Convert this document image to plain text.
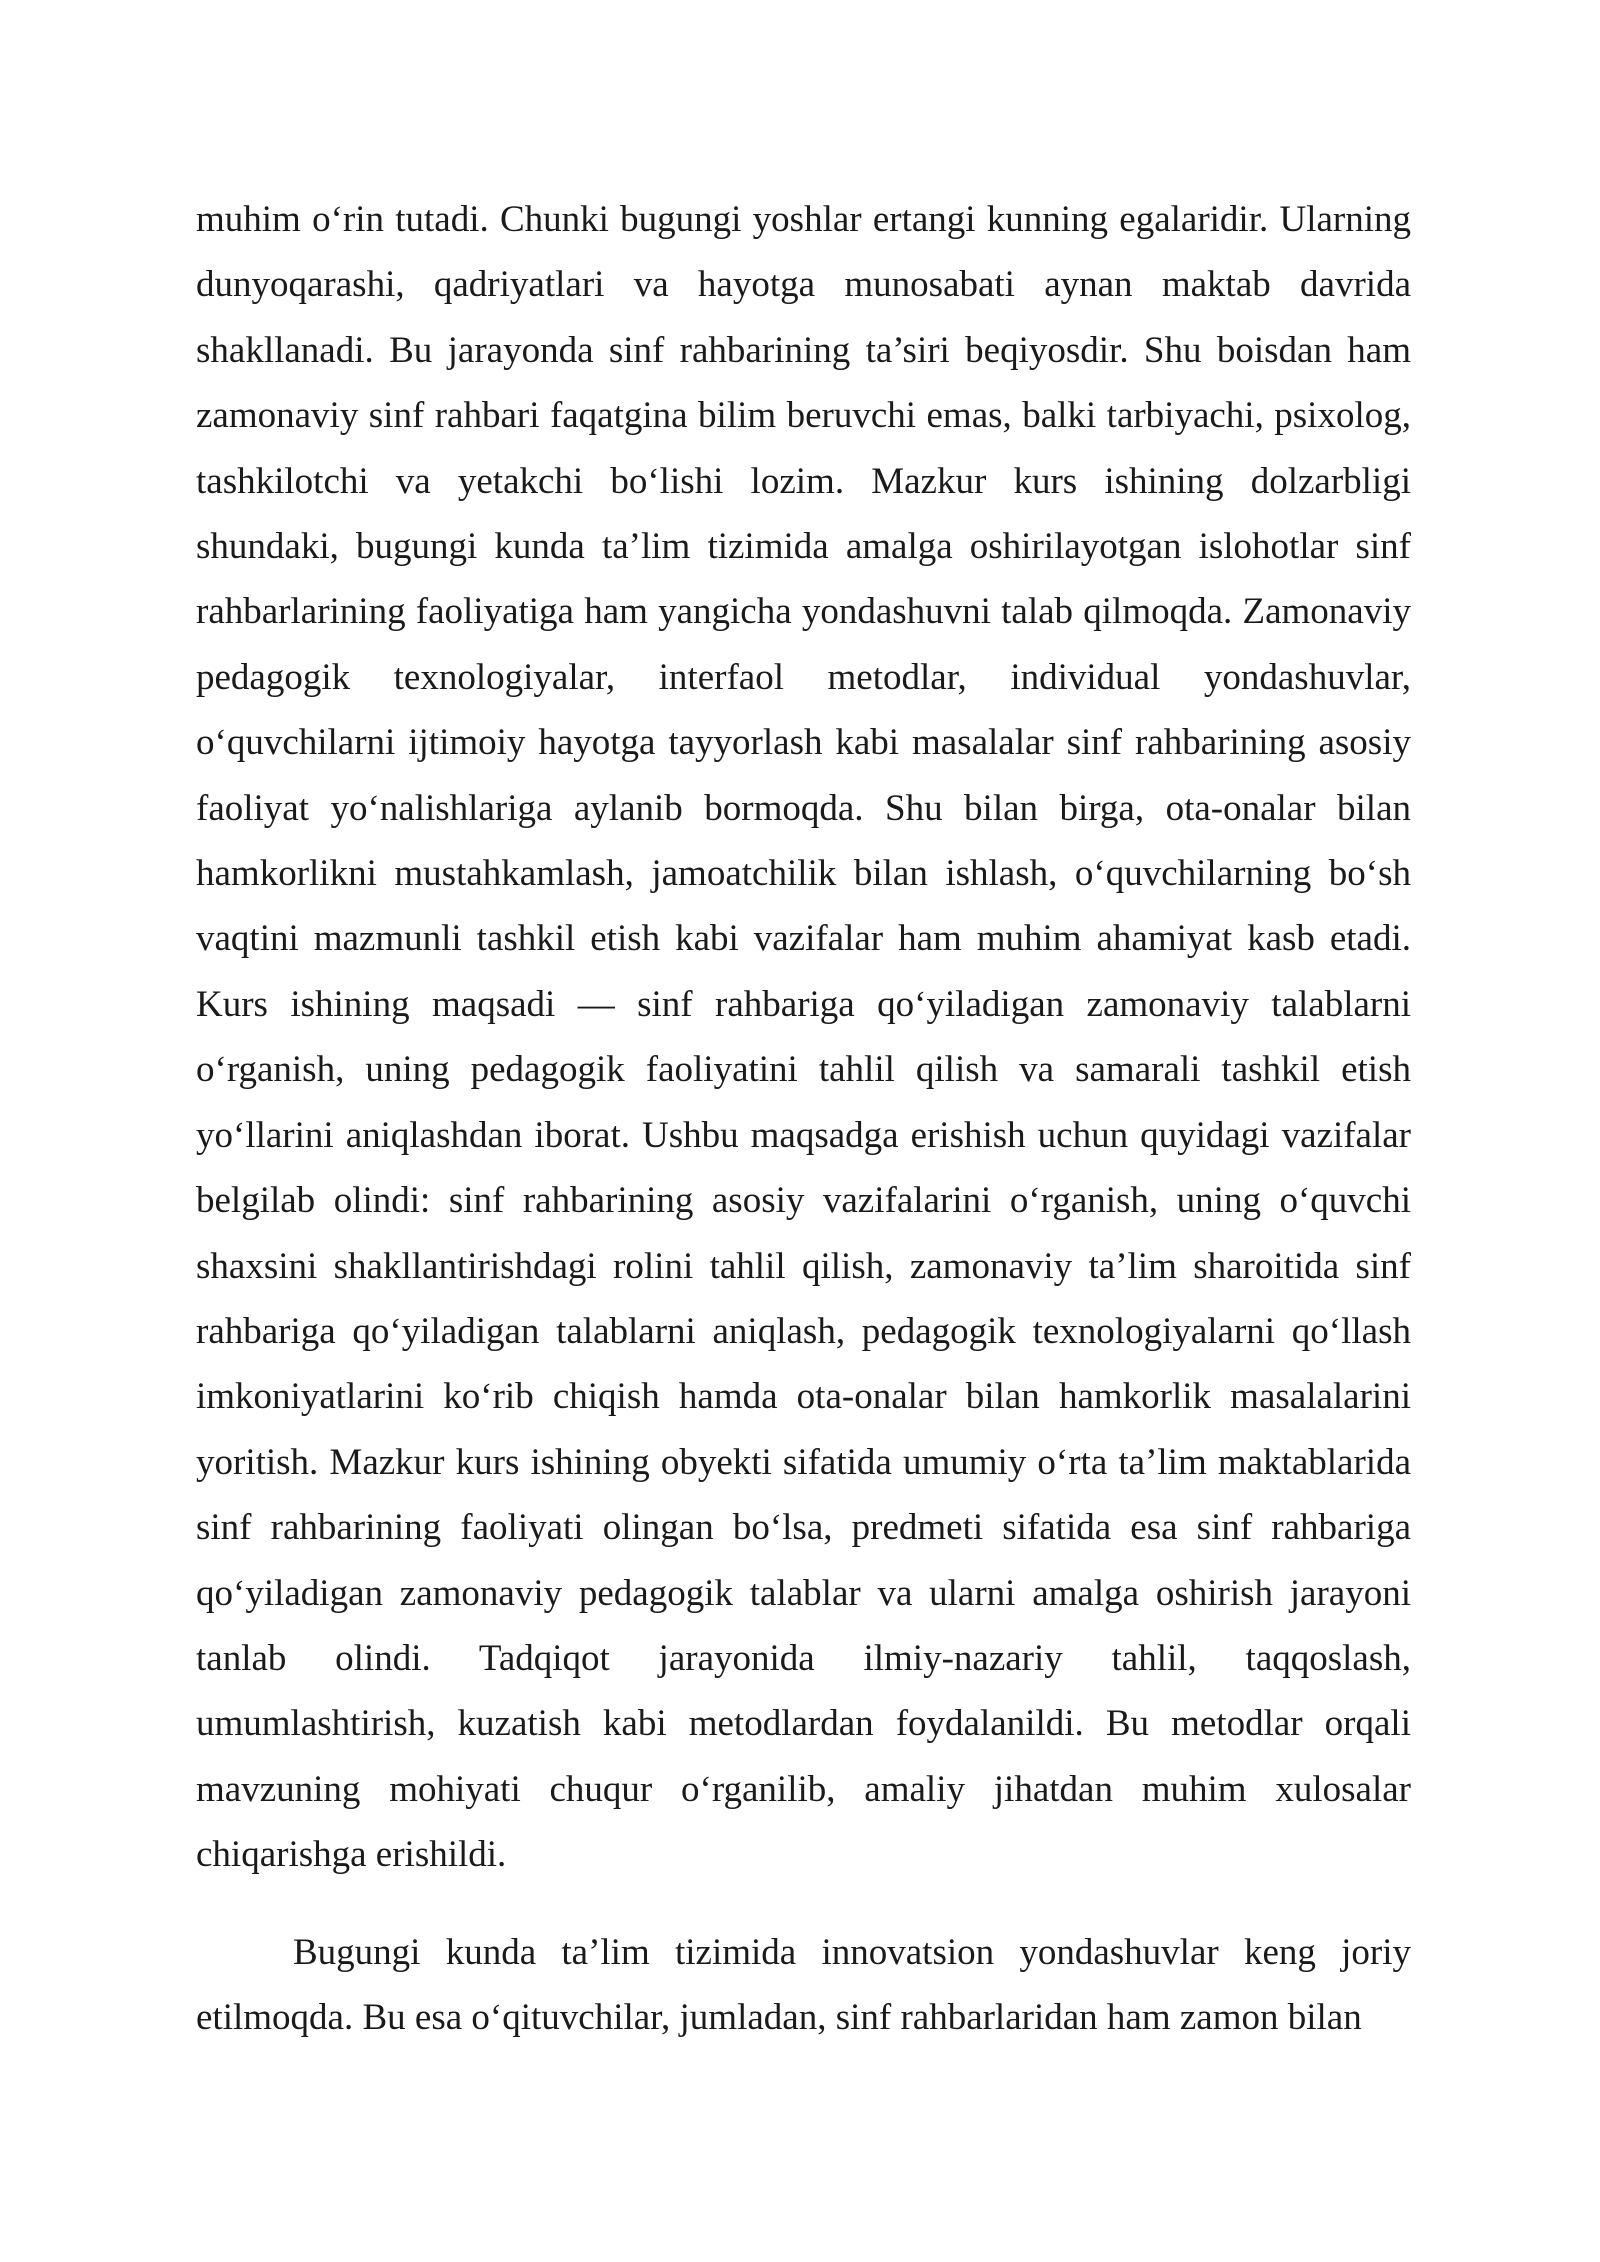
muhim o‘rin tutadi. Chunki bugungi yoshlar ertangi kunning egalaridir. Ularning dunyoqarashi, qadriyatlari va hayotga munosabati aynan maktab davrida shakllanadi. Bu jarayonda sinf rahbarining ta’siri beqiyosdir. Shu boisdan ham zamonaviy sinf rahbari faqatgina bilim beruvchi emas, balki tarbiyachi, psixolog, tashkilotchi va yetakchi bo‘lishi lozim. Mazkur kurs ishining dolzarbligi shundaki, bugungi kunda ta’lim tizimida amalga oshirilayotgan islohotlar sinf rahbarlarining faoliyatiga ham yangicha yondashuvni talab qilmoqda. Zamonaviy pedagogik texnologiyalar, interfaol metodlar, individual yondashuvlar, o‘quvchilarni ijtimoiy hayotga tayyorlash kabi masalalar sinf rahbarining asosiy faoliyat yo‘nalishlariga aylanib bormoqda. Shu bilan birga, ota-onalar bilan hamkorlikni mustahkamlash, jamoatchilik bilan ishlash, o‘quvchilarning bo‘sh vaqtini mazmunli tashkil etish kabi vazifalar ham muhim ahamiyat kasb etadi. Kurs ishining maqsadi — sinf rahbariga qo‘yiladigan zamonaviy talablarni o‘rganish, uning pedagogik faoliyatini tahlil qilish va samarali tashkil etish yo‘llarini aniqlashdan iborat. Ushbu maqsadga erishish uchun quyidagi vazifalar belgilab olindi: sinf rahbarining asosiy vazifalarini o‘rganish, uning o‘quvchi shaxsini shakllantirishdagi rolini tahlil qilish, zamonaviy ta’lim sharoitida sinf rahbariga qo‘yiladigan talablarni aniqlash, pedagogik texnologiyalarni qo‘llash imkoniyatlarini ko‘rib chiqish hamda ota-onalar bilan hamkorlik masalalarini yoritish. Mazkur kurs ishining obyekti sifatida umumiy o‘rta ta’lim maktablarida sinf rahbarining faoliyati olingan bo‘lsa, predmeti sifatida esa sinf rahbariga qo‘yiladigan zamonaviy pedagogik talablar va ularni amalga oshirish jarayoni tanlab olindi. Tadqiqot jarayonida ilmiy-nazariy tahlil, taqqoslash, umumlashtirish, kuzatish kabi metodlardan foydalanildi. Bu metodlar orqali mavzuning mohiyati chuqur o‘rganilib, amaliy jihatdan muhim xulosalar chiqarishga erishildi.

Bugungi kunda ta’lim tizimida innovatsion yondashuvlar keng joriy etilmoqda. Bu esa o‘qituvchilar, jumladan, sinf rahbarlaridan ham zamon bilan
